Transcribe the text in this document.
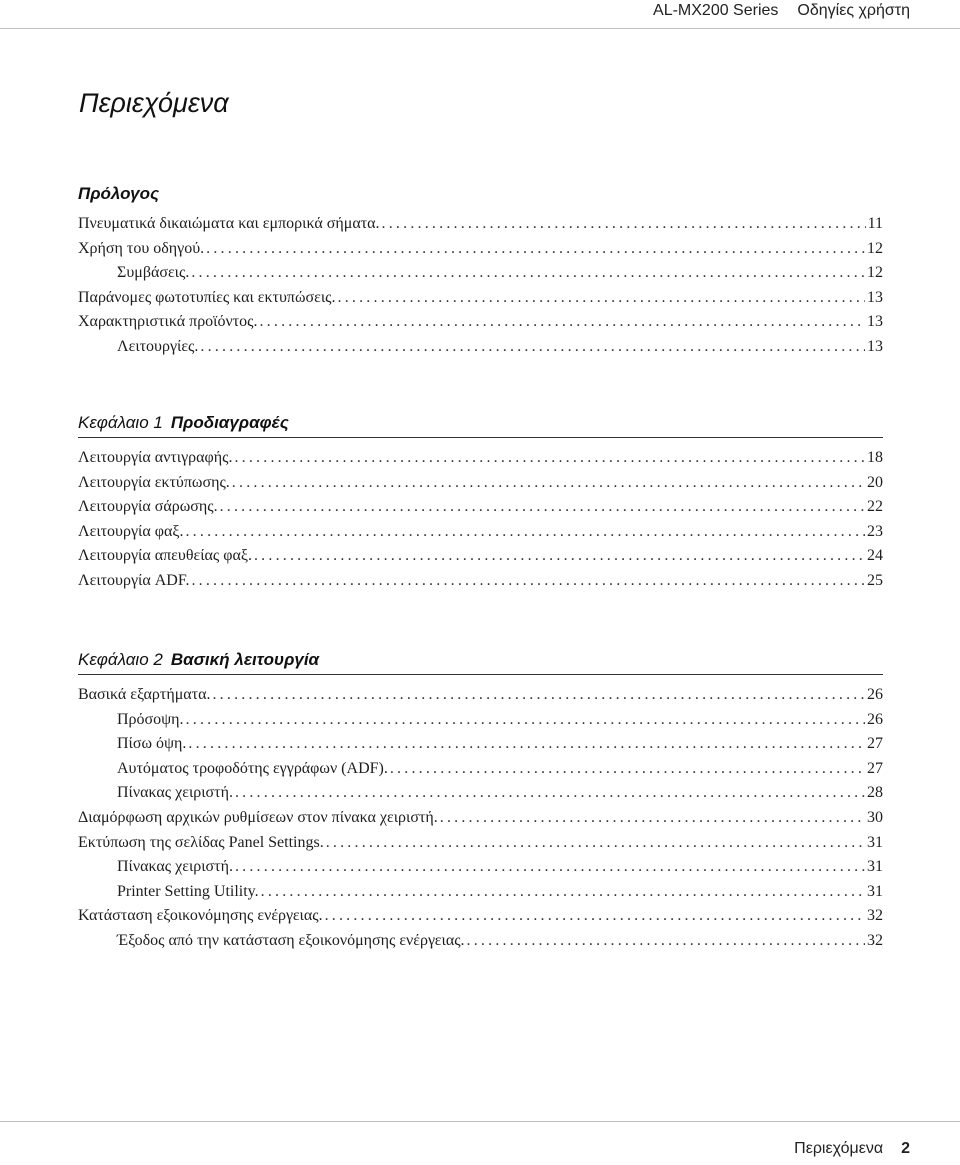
AL-MX200 Series Οδηγίες χρήστη
Περιεχόμενα
Πρόλογος
Πνευματικά δικαιώματα και εμπορικά σήματα. .....	11
Χρήση του οδηγού. .....	12
Συμβάσεις. .....	12
Παράνομες φωτοτυπίες και εκτυπώσεις. .....	13
Χαρακτηριστικά προϊόντος. .....	13
Λειτουργίες. .....	13
Κεφάλαιο 1 Προδιαγραφές
Λειτουργία αντιγραφής. .....	18
Λειτουργία εκτύπωσης. .....	20
Λειτουργία σάρωσης. .....	22
Λειτουργία φαξ. .....	23
Λειτουργία απευθείας φαξ. .....	24
Λειτουργία ADF. .....	25
Κεφάλαιο 2 Βασική λειτουργία
Βασικά εξαρτήματα. .....	26
Πρόσοψη. .....	26
Πίσω όψη. .....	27
Αυτόματος τροφοδότης εγγράφων (ADF). .....	27
Πίνακας χειριστή. .....	28
Διαμόρφωση αρχικών ρυθμίσεων στον πίνακα χειριστή. .....	30
Εκτύπωση της σελίδας Panel Settings. .....	31
Πίνακας χειριστή. .....	31
Printer Setting Utility. .....	31
Κατάσταση εξοικονόμησης ενέργειας. .....	32
Έξοδος από την κατάσταση εξοικονόμησης ενέργειας. .....	32
Περιεχόμενα 2
